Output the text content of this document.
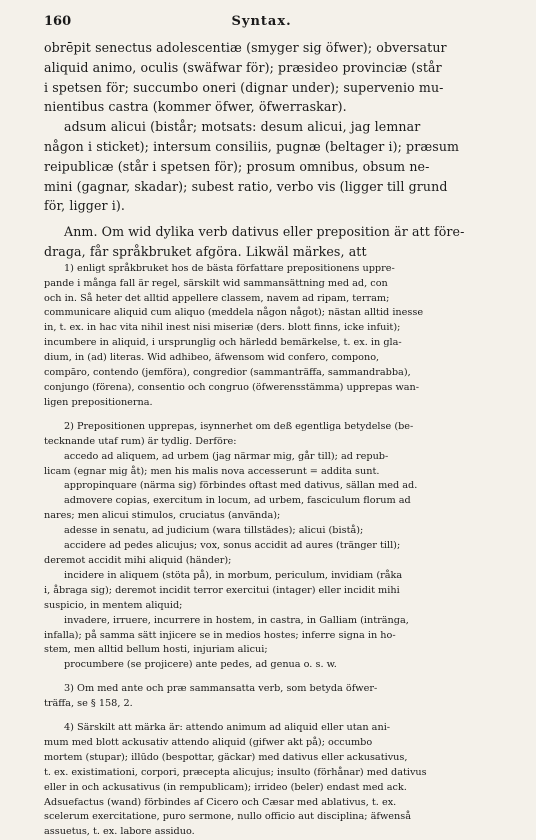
160	Syntax.
obrēpit senectus adolescentiæ (smyger sig öfwer); obversatur
aliquid animo, oculis (swäfwar för); præsideo provinciæ (står
i spetsen för; succumbo oneri (dignar under); supervenio mu-
nientibus castra (kommer öfwer, öfwerraskar).
adsum alicui (bistår; motsats: desum alicui, jag lemnar
någon i sticket); intersum consiliis, pugnæ (beltager i); præsum
reipublicæ (står i spetsen för); prosum omnibus, obsum ne-
mini (gagnar, skadar); subest ratio, verbo vis (ligger till grund
för, ligger i).
Anm. Om wid dylika verb dativus eller preposition är att före-
draga, får språkbruket afgöra. Likwäl märkes, att
1) enligt språkbruket hos de bästa författare prepositionens uppre-
pande i många fall är regel, särskilt wid sammansättning med ad, con
och in. Så heter det alltid appellere classem, navem ad ripam, terram;
communicare aliquid cum aliquo (meddela någon något); nästan alltid inesse
in, t. ex. in hac vita nihil inest nisi miseriæ (ders. blott finns, icke infuit);
incumbere in aliquid, i ursprunglig och härledd bemärkelse, t. ex. in gla-
dium, in (ad) literas. Wid adhibeo, äfwensom wid confero, compono,
compāro, contendo (jemföra), congredior (sammanträffa, sammandrabba),
conjungo (förena), consentio och congruo (öfwerensstämma) upprepas wan-
ligen prepositionerna.
2) Prepositionen upprepas, isynnerhet om deß egentliga betydelse (be-
tecknande utaf rum) är tydlig. Derföre:
accedo ad aliquem, ad urbem (jag närmar mig, går till); ad repub-
licam (egnar mig åt); men his malis nova accesserunt = addita sunt.
appropinquare (närma sig) förbindes oftast med dativus, sällan med ad.
admovere copias, exercitum in locum, ad urbem, fasciculum florum ad
nares; men alicui stimulos, cruciatus (använda);
adesse in senatu, ad judicium (wara tillstädes); alicui (bistå);
accidere ad pedes alicujus; vox, sonus accidit ad aures (tränger till);
deremot accidit mihi aliquid (händer);
incidere in aliquem (stöta på), in morbum, periculum, invidiam (råka
i, åbraga sig); deremot incidit terror exercitui (intager) eller incidit mihi
suspicio, in mentem aliquid;
invadere, irruere, incurrere in hostem, in castra, in Galliam (intränga,
infalla); på samma sätt injicere se in medios hostes; inferre signa in ho-
stem, men alltid bellum hosti, injuriam alicui;
procumbere (se projicere) ante pedes, ad genua o. s. w.
3) Om med ante och præ sammansatta verb, som betyda öfwer-
träffa, se § 158, 2.
4) Särskilt att märka är: attendo animum ad aliquid eller utan ani-
mum med blott ackusativ attendo aliquid (gifwer akt på); occumbo
mortem (stupar); illūdo (bespottar, gäckar) med dativus eller ackusativus,
t. ex. existimationi, corpori, præcepta alicujus; insulto (förhånar) med dativus
eller in och ackusativus (in rempublicam); irrideo (beler) endast med ack.
Adsuefactus (wand) förbindes af Cicero och Cæsar med ablativus, t. ex.
scelerum exercitatione, puro sermone, nullo officio aut disciplina; äfwenså
assuetus, t. ex. labore assiduo.
